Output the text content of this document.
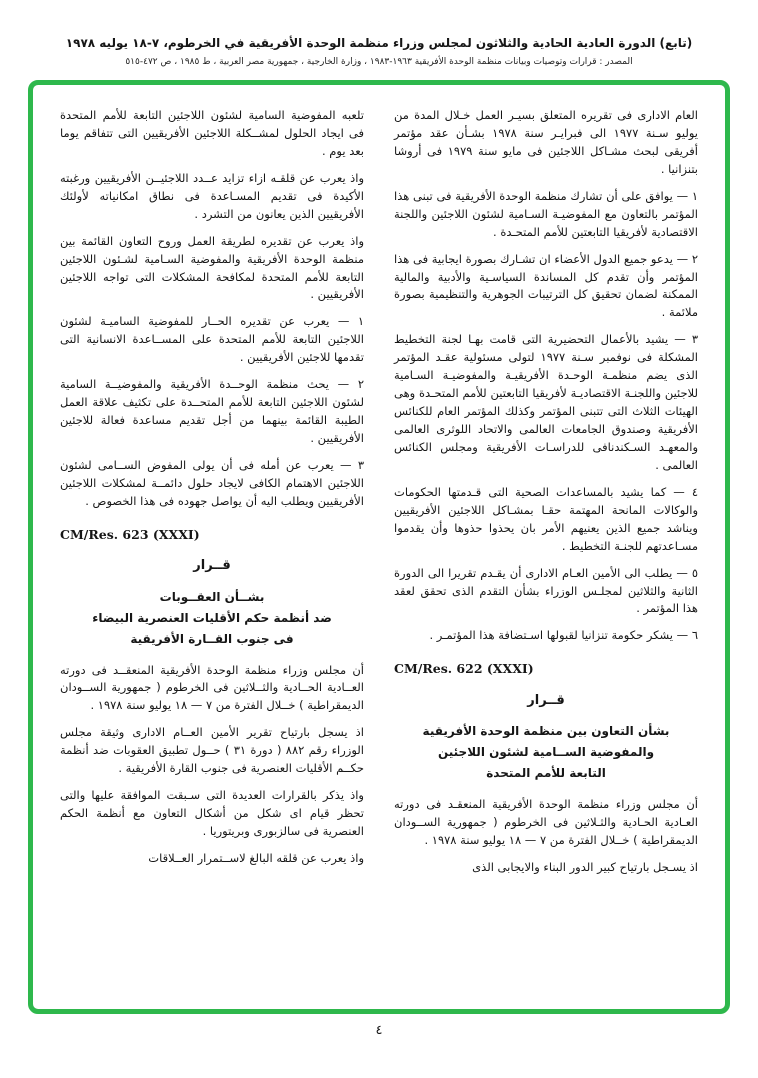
(تابع) الدورة العادية الحادية والثلاثون لمجلس وزراء منظمة الوحدة الأفريقية في الخرطوم، ٧-١٨ يوليه ١٩٧٨
المصدر : قرارات وتوصيات وبيانات منظمة الوحدة الأفريقية ١٩٦٣-١٩٨٣ ، وزارة الخارجية ، جمهورية مصر العربية ، ط ١٩٨٥ ، ص ٤٧٢-٥١٥

العام الادارى فى تقريره المتعلق بسيـر العمل خـلال المدة من يوليو سـنة ١٩٧٧ الى فبرايـر سنة ١٩٧٨ بشـأن عقد مؤتمر أفريقى لبحث مشـاكل اللاجئين فى مايو سنة ١٩٧٩ فى أروشا بتنزانيا .

١ — يوافق على أن تشارك منظمة الوحدة الأفريقية فى تبنى هذا المؤتمر بالتعاون مع المفوضيـة السـامية لشئون اللاجئين واللجنة الاقتصادية لأفريقيا التابعتين للأمم المتحـدة .

٢ — يدعو جميع الدول الأعضاء ان تشـارك بصورة ايجابية فى هذا المؤتمر وأن تقدم كل المساندة السياسـية والأدبية والمالية الممكنة لضمان تحقيق كل الترتيبات الجوهرية والتنظيمية بصورة ملائمة .

٣ — يشيد بالأعمال التحضيرية التى قامت بهـا لجنة التخطيط المشكلة فى نوفمبر سـنة ١٩٧٧ لتولى مسئولية عقـد المؤتمر الذى يضم منظمـة الوحـدة الأفريقيـة والمفوضيـة السـامية للاجئين واللجنـة الاقتصاديـة لأفريقيا التابعتين للأمم المتحـدة وهى الهيئات الثلاث التى تتبنى المؤتمر وكذلك المؤتمر العام للكنائس الأفريقية وصندوق الجامعات العالمى والاتحاد اللوثرى العالمى والمعهـد السـكندنافى للدراسـات الأفريقية ومجلس الكنائس العالمى .

٤ — كما يشيد بالمساعدات الصحية التى قـدمتها الحكومات والوكالات المانحة المهتمة حقـا بمشـاكل اللاجئين الأفريقيين ويناشد جميع الذين يعنيهم الأمر بان يحذوا حذوها وأن يقدموا مسـاعدتهم للجنـة التخطيط .

٥ — يطلب الى الأمين العـام الادارى أن يقـدم تقريرا الى الدورة الثانية والثلاثين لمجلـس الوزراء بشأن التقدم الذى تحقق لعقد هذا المؤتمر .

٦ — يشكر حكومة تنزانيا لقبولها اسـتضافة هذا المؤتمـر .

CM/Res. 622 (XXXI)
قــرار
بشأن التعاون بين منظمة الوحدة الأفريقية
والمفوضية الســامية لشئون اللاجئين
التابعة للأمم المتحدة

أن مجلس وزراء منظمة الوحدة الأفريقية المنعقـد فى دورته العـادية الحـادية والثـلاثين فى الخرطوم ( جمهورية الســودان الديمقراطية ) خــلال الفترة من ٧ — ١٨ يوليو سنة ١٩٧٨ .

اذ يسـجل بارتياح كبير الدور البناء والايجابى الذى

تلعبه المفوضية السامية لشئون اللاجئين التابعة للأمم المتحدة فى ايجاد الحلول لمشــكلة اللاجئين الأفريقيين التى تتفاقم يوما بعد يوم .

واذ يعرب عن قلقـه ازاء تزايد عــدد اللاجئيــن الأفريقيين ورغبته الأكيدة فى تقديم المسـاعدة فى نطاق امكانياته لأولئك الأفريقيين الذين يعانون من التشرد .

واذ يعرب عن تقديره لطريقة العمل وروح التعاون القائمة بين منظمة الوحدة الأفريقية والمفوضية السـامية لشـئون اللاجئين التابعة للأمم المتحدة لمكافحة المشكلات التى تواجه اللاجئين الأفريقيين .

١ — يعرب عن تقديره الحــار للمفوضية الساميـة لشئون اللاجئين التابعة للأمم المتحدة على المســاعدة الانسانية التى تقدمها للاجئين الأفريقيين .

٢ — يحث منظمة الوحــدة الأفريقية والمفوضيــة السامية لشئون اللاجئين التابعة للأمم المتحــدة على تكثيف علاقة العمل الطيبة القائمة بينهما من أجل تقديم مساعدة فعالة للاجئين الأفريقيين .

٣ — يعرب عن أمله فى أن يولى المفوض الســامى لشئون اللاجئين الاهتمام الكافى لايجاد حلول دائمــة لمشكلات اللاجئين الأفريقيين ويطلب اليه أن يواصل جهوده فى هذا الخصوص .

CM/Res. 623 (XXXI)
قــرار
بشــأن العقــوبات
ضد أنظمة حكم الأقليات العنصرية البيضاء
فى جنوب القــارة الأفريقية

أن مجلس وزراء منظمة الوحدة الأفريقية المنعقــد فى دورته العــادية الحــادية والثــلاثين فى الخرطوم ( جمهورية الســودان الديمقراطية ) خــلال الفترة من ٧ — ١٨ يوليو سنة ١٩٧٨ .

اذ يسجل بارتياح تقرير الأمين العــام الادارى وثيقة مجلس الوزراء رقم ٨٨٢ ( دورة ٣١ ) حــول تطبيق العقوبات ضد أنظمة حكــم الأقليات العنصرية فى جنوب القارة الأفريقية .

واذ يذكر بالقرارات العديدة التى سـبقت الموافقة عليها والتى تحظر قيام اى شكل من أشكال التعاون مع أنظمة الحكم العنصرية فى سالزبورى وبريتوريا .

واذ يعرب عن قلقه البالغ لاســتمرار العــلاقات

٤
